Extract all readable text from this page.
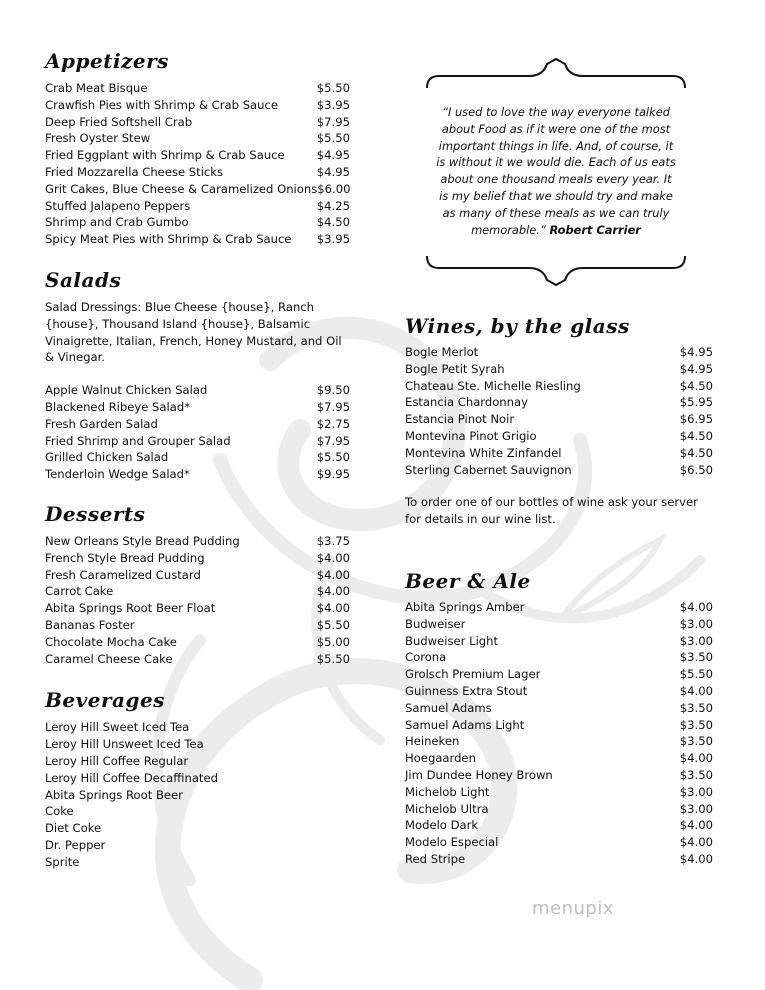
Appetizers
Crab Meat Bisque	$5.50
Crawfish Pies with Shrimp & Crab Sauce	$3.95
Deep Fried Softshell Crab	$7.95
Fresh Oyster Stew	$5.50
Fried Eggplant with Shrimp & Crab Sauce	$4.95
Fried Mozzarella Cheese Sticks	$4.95
Grit Cakes, Blue Cheese & Caramelized Onions $6.00
Stuffed Jalapeno Peppers	$4.25
Shrimp and Crab Gumbo	$4.50
Spicy Meat Pies with Shrimp & Crab Sauce $3.95
Salads
Salad Dressings: Blue Cheese {house}, Ranch {house}, Thousand Island {house}, Balsamic Vinaigrette, Italian, French, Honey Mustard, and Oil & Vinegar.
Apple Walnut Chicken Salad	$9.50
Blackened Ribeye Salad*	$7.95
Fresh Garden Salad	$2.75
Fried Shrimp and Grouper Salad	$7.95
Grilled Chicken Salad	$5.50
Tenderloin Wedge Salad*	$9.95
Desserts
New Orleans Style Bread Pudding	$3.75
French Style Bread Pudding	$4.00
Fresh Caramelized Custard	$4.00
Carrot Cake	$4.00
Abita Springs Root Beer Float	$4.00
Bananas Foster	$5.50
Chocolate Mocha Cake	$5.00
Caramel Cheese Cake	$5.50
Beverages
Leroy Hill Sweet Iced Tea
Leroy Hill Unsweet Iced Tea
Leroy Hill Coffee Regular
Leroy Hill Coffee Decaffinated
Abita Springs Root Beer
Coke
Diet Coke
Dr. Pepper
Sprite
“I used to love the way everyone talked about Food as if it were one of the most important things in life. And, of course, it is without it we would die. Each of us eats about one thousand meals every year. It is my belief that we should try and make as many of these meals as we can truly memorable.” Robert Carrier
Wines, by the glass
Bogle Merlot	$4.95
Bogle Petit Syrah	$4.95
Chateau Ste. Michelle Riesling	$4.50
Estancia Chardonnay	$5.95
Estancia Pinot Noir	$6.95
Montevina Pinot Grigio	$4.50
Montevina White Zinfandel	$4.50
Sterling Cabernet Sauvignon	$6.50
To order one of our bottles of wine ask your server for details in our wine list.
Beer & Ale
Abita Springs Amber	$4.00
Budweiser	$3.00
Budweiser Light	$3.00
Corona	$3.50
Grolsch Premium Lager	$5.50
Guinness Extra Stout	$4.00
Samuel Adams	$3.50
Samuel Adams Light	$3.50
Heineken	$3.50
Hoegaarden	$4.00
Jim Dundee Honey Brown	$3.50
Michelob Light	$3.00
Michelob Ultra	$3.00
Modelo Dark	$4.00
Modelo Especial	$4.00
Red Stripe	$4.00
menupix
